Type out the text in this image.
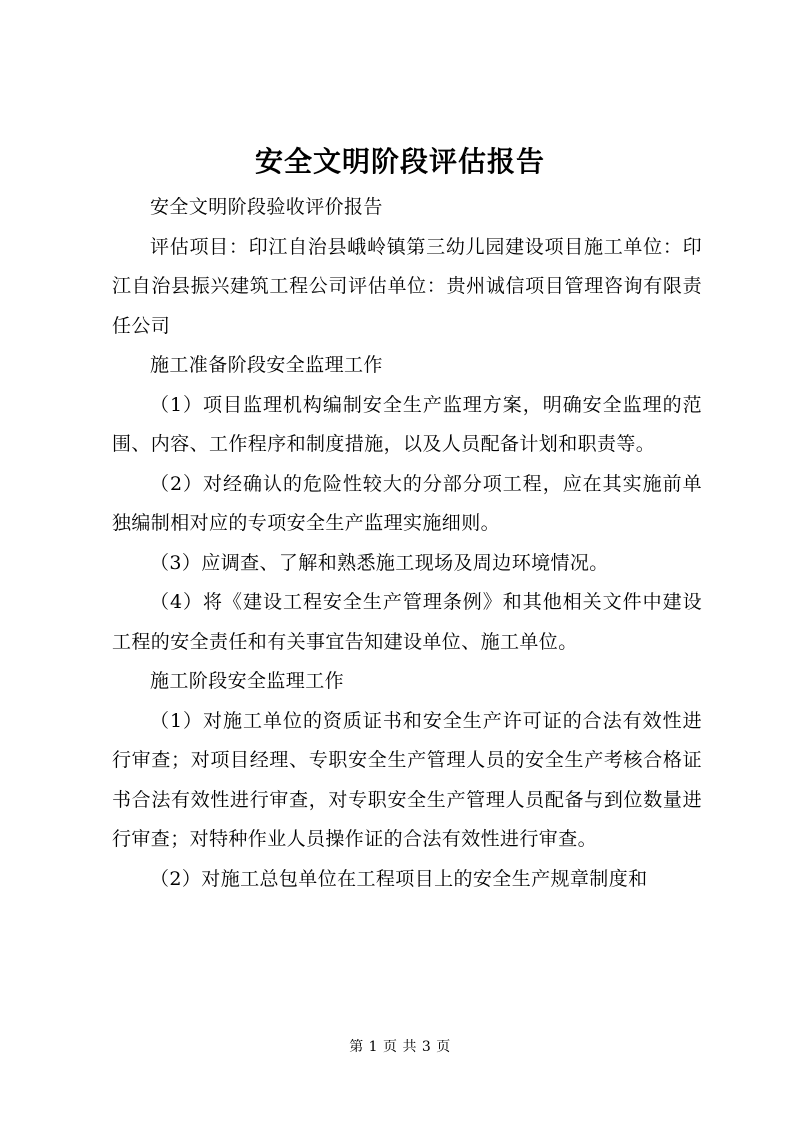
安全文明阶段评估报告

安全文明阶段验收评价报告

评估项目：印江自治县峨岭镇第三幼儿园建设项目施工单位：印江自治县振兴建筑工程公司评估单位：贵州诚信项目管理咨询有限责任公司

施工准备阶段安全监理工作

（1）项目监理机构编制安全生产监理方案，明确安全监理的范围、内容、工作程序和制度措施，以及人员配备计划和职责等。

（2）对经确认的危险性较大的分部分项工程，应在其实施前单独编制相对应的专项安全生产监理实施细则。

（3）应调查、了解和熟悉施工现场及周边环境情况。

（4）将《建设工程安全生产管理条例》和其他相关文件中建设工程的安全责任和有关事宜告知建设单位、施工单位。

施工阶段安全监理工作

（1）对施工单位的资质证书和安全生产许可证的合法有效性进行审查；对项目经理、专职安全生产管理人员的安全生产考核合格证书合法有效性进行审查，对专职安全生产管理人员配备与到位数量进行审查；对特种作业人员操作证的合法有效性进行审查。

（2）对施工总包单位在工程项目上的安全生产规章制度和

第 1 页 共 3 页
